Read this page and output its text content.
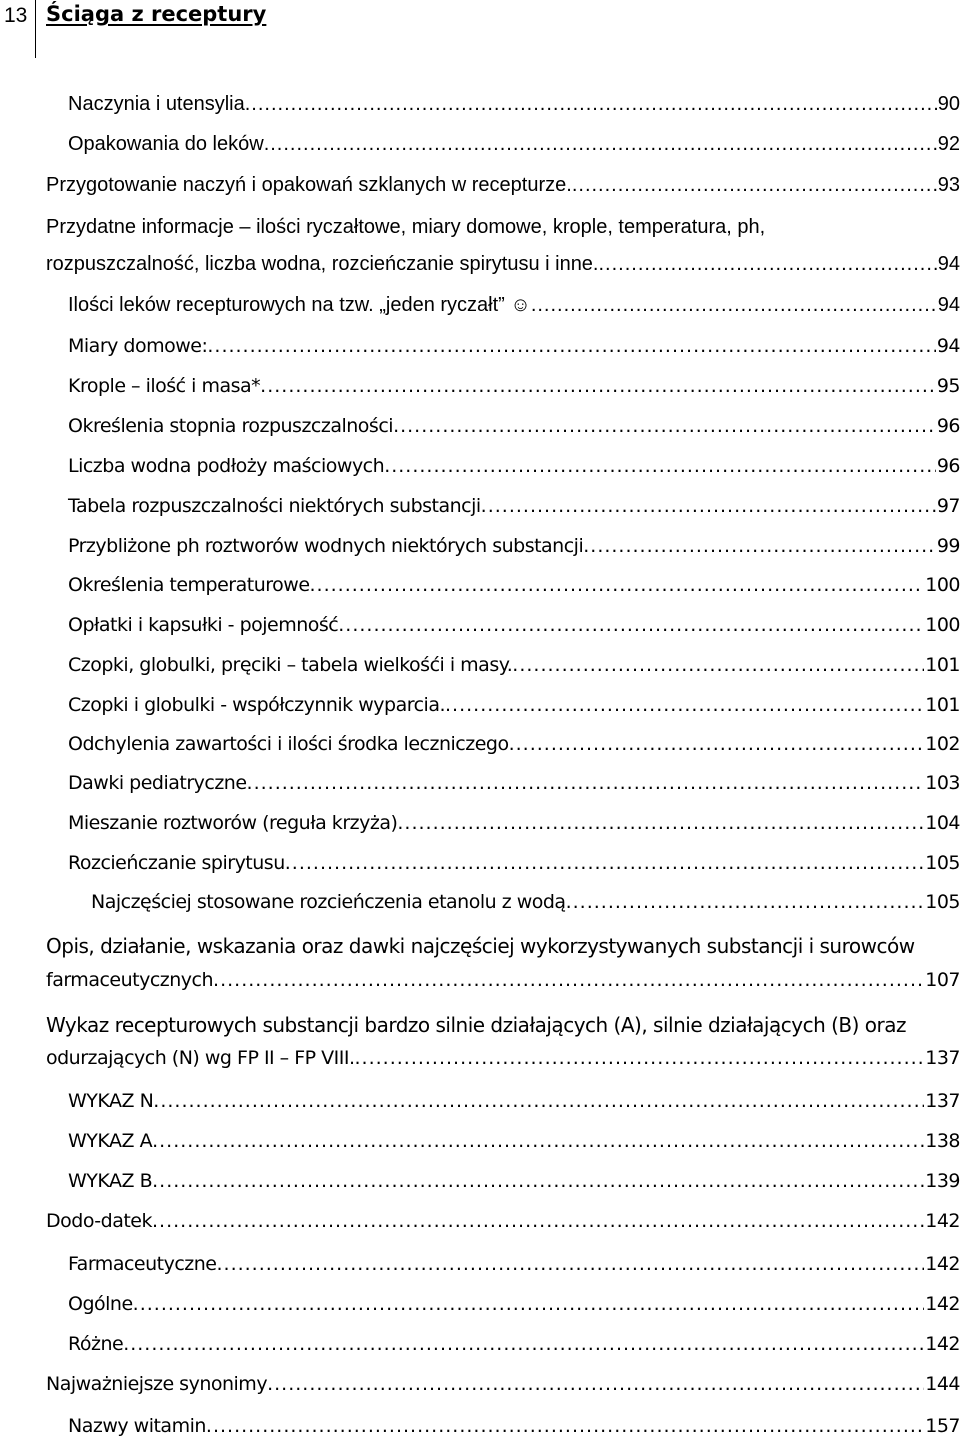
13 Ściąga z receptury
Naczynia i utensylia .....	90
Opakowania do leków .....	92
Przygotowanie naczyń i opakowań szklanych w recepturze. .....	93
Przydatne informacje – ilości ryczałtowe, miary domowe, krople, temperatura, ph,
rozpuszczalność, liczba wodna, rozcieńczanie spirytusu i inne. .....	94
Ilości leków recepturowych na tzw. „jeden ryczałt” ☺ .....	94
Miary domowe: .....	94
Krople – ilość i masa* .....	95
Określenia stopnia rozpuszczalności .....	96
Liczba wodna podłoży maściowych .....	96
Tabela rozpuszczalności niektórych substancji .....	97
Przybliżone ph roztworów wodnych niektórych substancji .....	99
Określenia temperaturowe .....	100
Opłatki i kapsułki - pojemność .....	100
Czopki, globulki, pręciki – tabela wielkośći i masy. .....	101
Czopki i globulki - współczynnik wyparcia. .....	101
Odchylenia zawartości i ilości środka leczniczego .....	102
Dawki pediatryczne .....	103
Mieszanie roztworów (reguła krzyża) .....	104
Rozcieńczanie spirytusu .....	105
Najczęściej stosowane rozcieńczenia etanolu z wodą .....	105
Opis, działanie, wskazania oraz dawki najczęściej wykorzystywanych substancji i surowców
farmaceutycznych .....	107
Wykaz recepturowych substancji bardzo silnie działających (A), silnie działających (B) oraz
odurzających (N) wg FP II – FP VIII. .....	137
WYKAZ N .....	137
WYKAZ A .....	138
WYKAZ B .....	139
Dodo-datek .....	142
Farmaceutyczne .....	142
Ogólne .....	142
Różne .....	142
Najważniejsze synonimy .....	144
Nazwy witamin .....	157
